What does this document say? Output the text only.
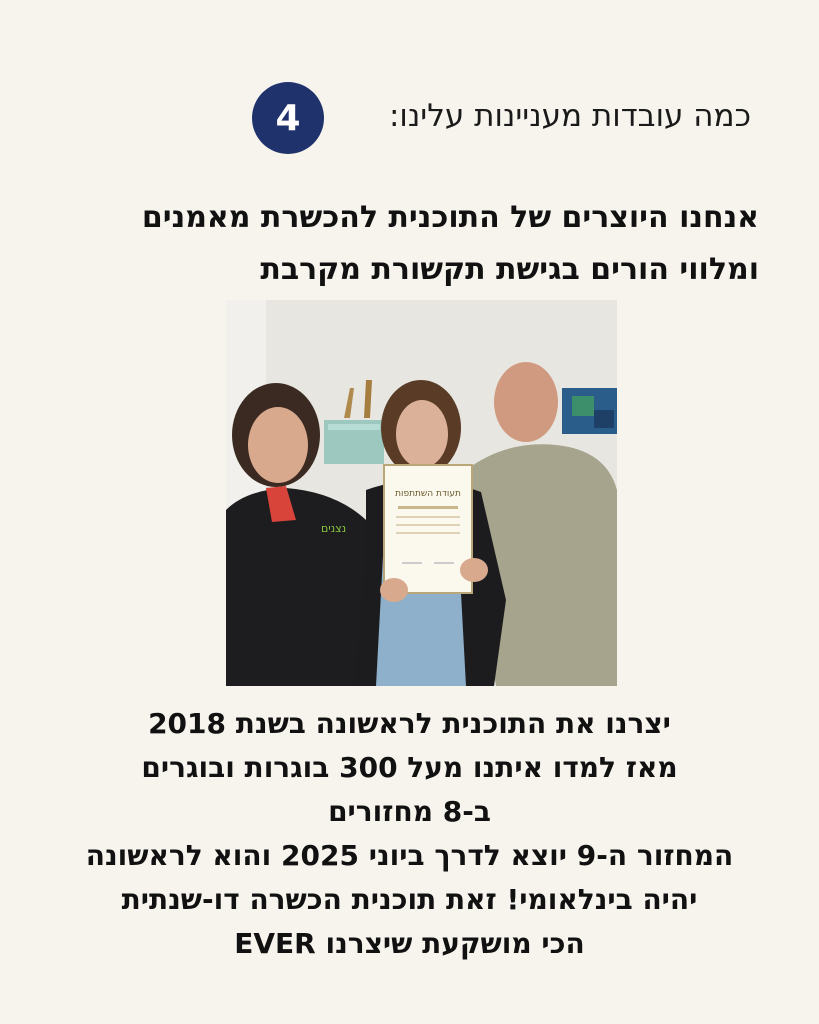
4	כמה עובדות מעניינות עלינו:
אנחנו היוצרים של התוכנית להכשרת מאמנים
ומלווי הורים בגישת תקשורת מקרבת
נצנים
תעודת השתתפות
יצרנו את התוכנית לראשונה בשנת 2018
מאז למדו איתנו מעל 300 בוגרות ובוגרים
ב-8 מחזורים
המחזור ה-9 יוצא לדרך ביוני 2025 והוא לראשונה
יהיה בינלאומי! זאת תוכנית הכשרה דו-שנתית
הכי מושקעת שיצרנו EVER
